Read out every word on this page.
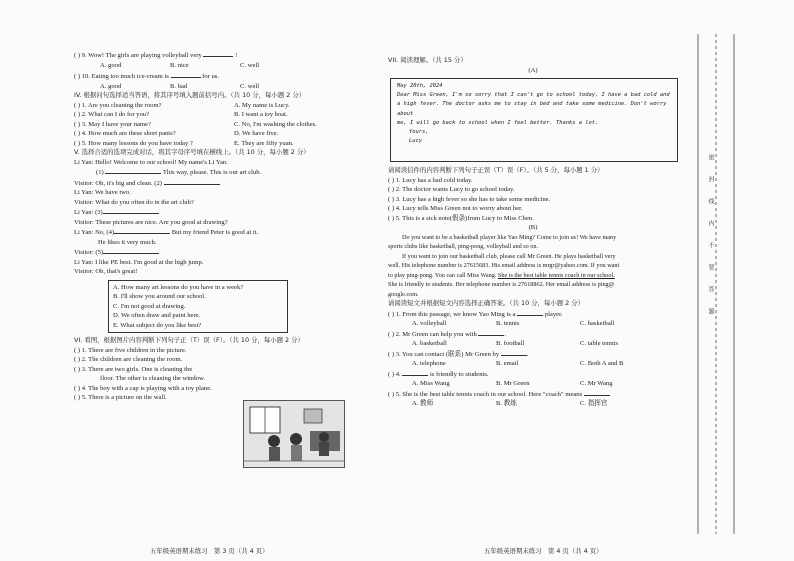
( ) 9. Wow! The girls are playing volleyball very

	!
A. good	B. nice	C. well
( ) 10. Eating too much ice-cream is

	for us.
A. good	B. bad	C. well
IV. 根据问句选择适当答语，将其序号填入题前括号内。（共 10 分，每小题 2 分）
( ) 1. Are you cleaning the room?	A. My name is Lucy.
( ) 2. What can I do for you?	B. I want a toy boat.
( ) 3. May I have your name?	C. No, I'm washing the clothes.
( ) 4. How much are these short pants?	D. We have five.
( ) 5. How many lessons do you have today ?	E. They are fifty yuan.
V. 选择合适的选项完成对话，将其字母序号填在横线上。（共 10 分，每小题 2 分）
Li Yan: Hello! Welcome to our school! My name's Li Yan.
(1)	This way, please. This is our art club.
Visitor: Oh, it's big and clean. (2)
Li Yan: We have two.
Visitor: What do you often do in the art club?
Li Yan: (3)
Visitor: These pictures are nice. Are you good at drawing?
Li Yan: No, (4)	But my friend Peter is good at it.
He likes it very much.
Visitor: (5)
Li Yan: I like PE best. I'm good at the high jump.
Visitor: Oh, that's great!
A. How many art lessons do you have in a week?
B. I'll show you around our school.
C. I'm not good at drawing.
D. We often draw and paint here.
E. What subject do you like best?
VI. 看图，根据图片内容判断下列句子正（T）误（F）。（共 10 分，每小题 2 分）
( ) 1. There are five children in the picture.
( ) 2. The children are cleaning the room.
( ) 3. There are two girls. One is cleaning the
floor. The other is cleaning the window.
( ) 4. The boy with a cap is playing with a toy plane.
( ) 5. There is a picture on the wall.
五年级英语期末练习　第 3 页（共 4 页）
VII. 阅读理解。（共 15 分）
(A)
May 20th, 2024
Dear Miss Green, I'm so sorry that I can't go to school today, I have a bad cold and
a high fever. The doctor asks me to stay in bed and take some medicine. Don't worry about
me, I will go back to school when I feel better. Thanks a lot.
Yours,
Lucy
请阅读信件的内容判断下列句子正误（T）误（F）。（共 5 分，每小题 1 分）
( ) 1. Lucy has a bad cold today.
( ) 2. The doctor wants Lucy to go school today.
( ) 3. Lucy has a high fever so she has to take some medicine.
( ) 4. Lucy tells Miss Green not to worry about her.
( ) 5. This is a sick note(假条)from Lucy to Miss Chen.
(B)
Do you want to be a basketball player like Yao Ming? Come to join us! We have many
sports clubs like basketball, ping-pong, volleyball and so on.
If you want to join our basketball club, please call Mr Green. He plays basketball very
well. His telephone number is 27615683. His email address is mrgr@yahoo.com. If you want
to play ping-pong. You can call Miss Wang. She is the best table tennis coach in our school.
She is friendly to students. Her telephone number is 27618862. Her email address is ping@
google.com.
请阅读短文并根据短文内容选择正确答案。（共 10 分，每小题 2 分）
( ) 1. From this passage, we know Yao Ming is a	player.
A. volleyball	B. tennis	C. basketball
( ) 2. Mr Green can help you with	.
A. basketball	B. football	C. table tennis
( ) 3. You can contact (联系) Mr Green by	.
A. telephone	B. email	C. Both A and B
( ) 4.	is friendly to students.
A. Miss Wang	B. Mr Green	C. Mr Wang
( ) 5. She is the best table tennis coach in our school. Here "coach" means
A. 教师	B. 教练	C. 指挥官
五年级英语期末练习　第 4 页（共 4 页）
密　封　线　内　不　要　答　题
